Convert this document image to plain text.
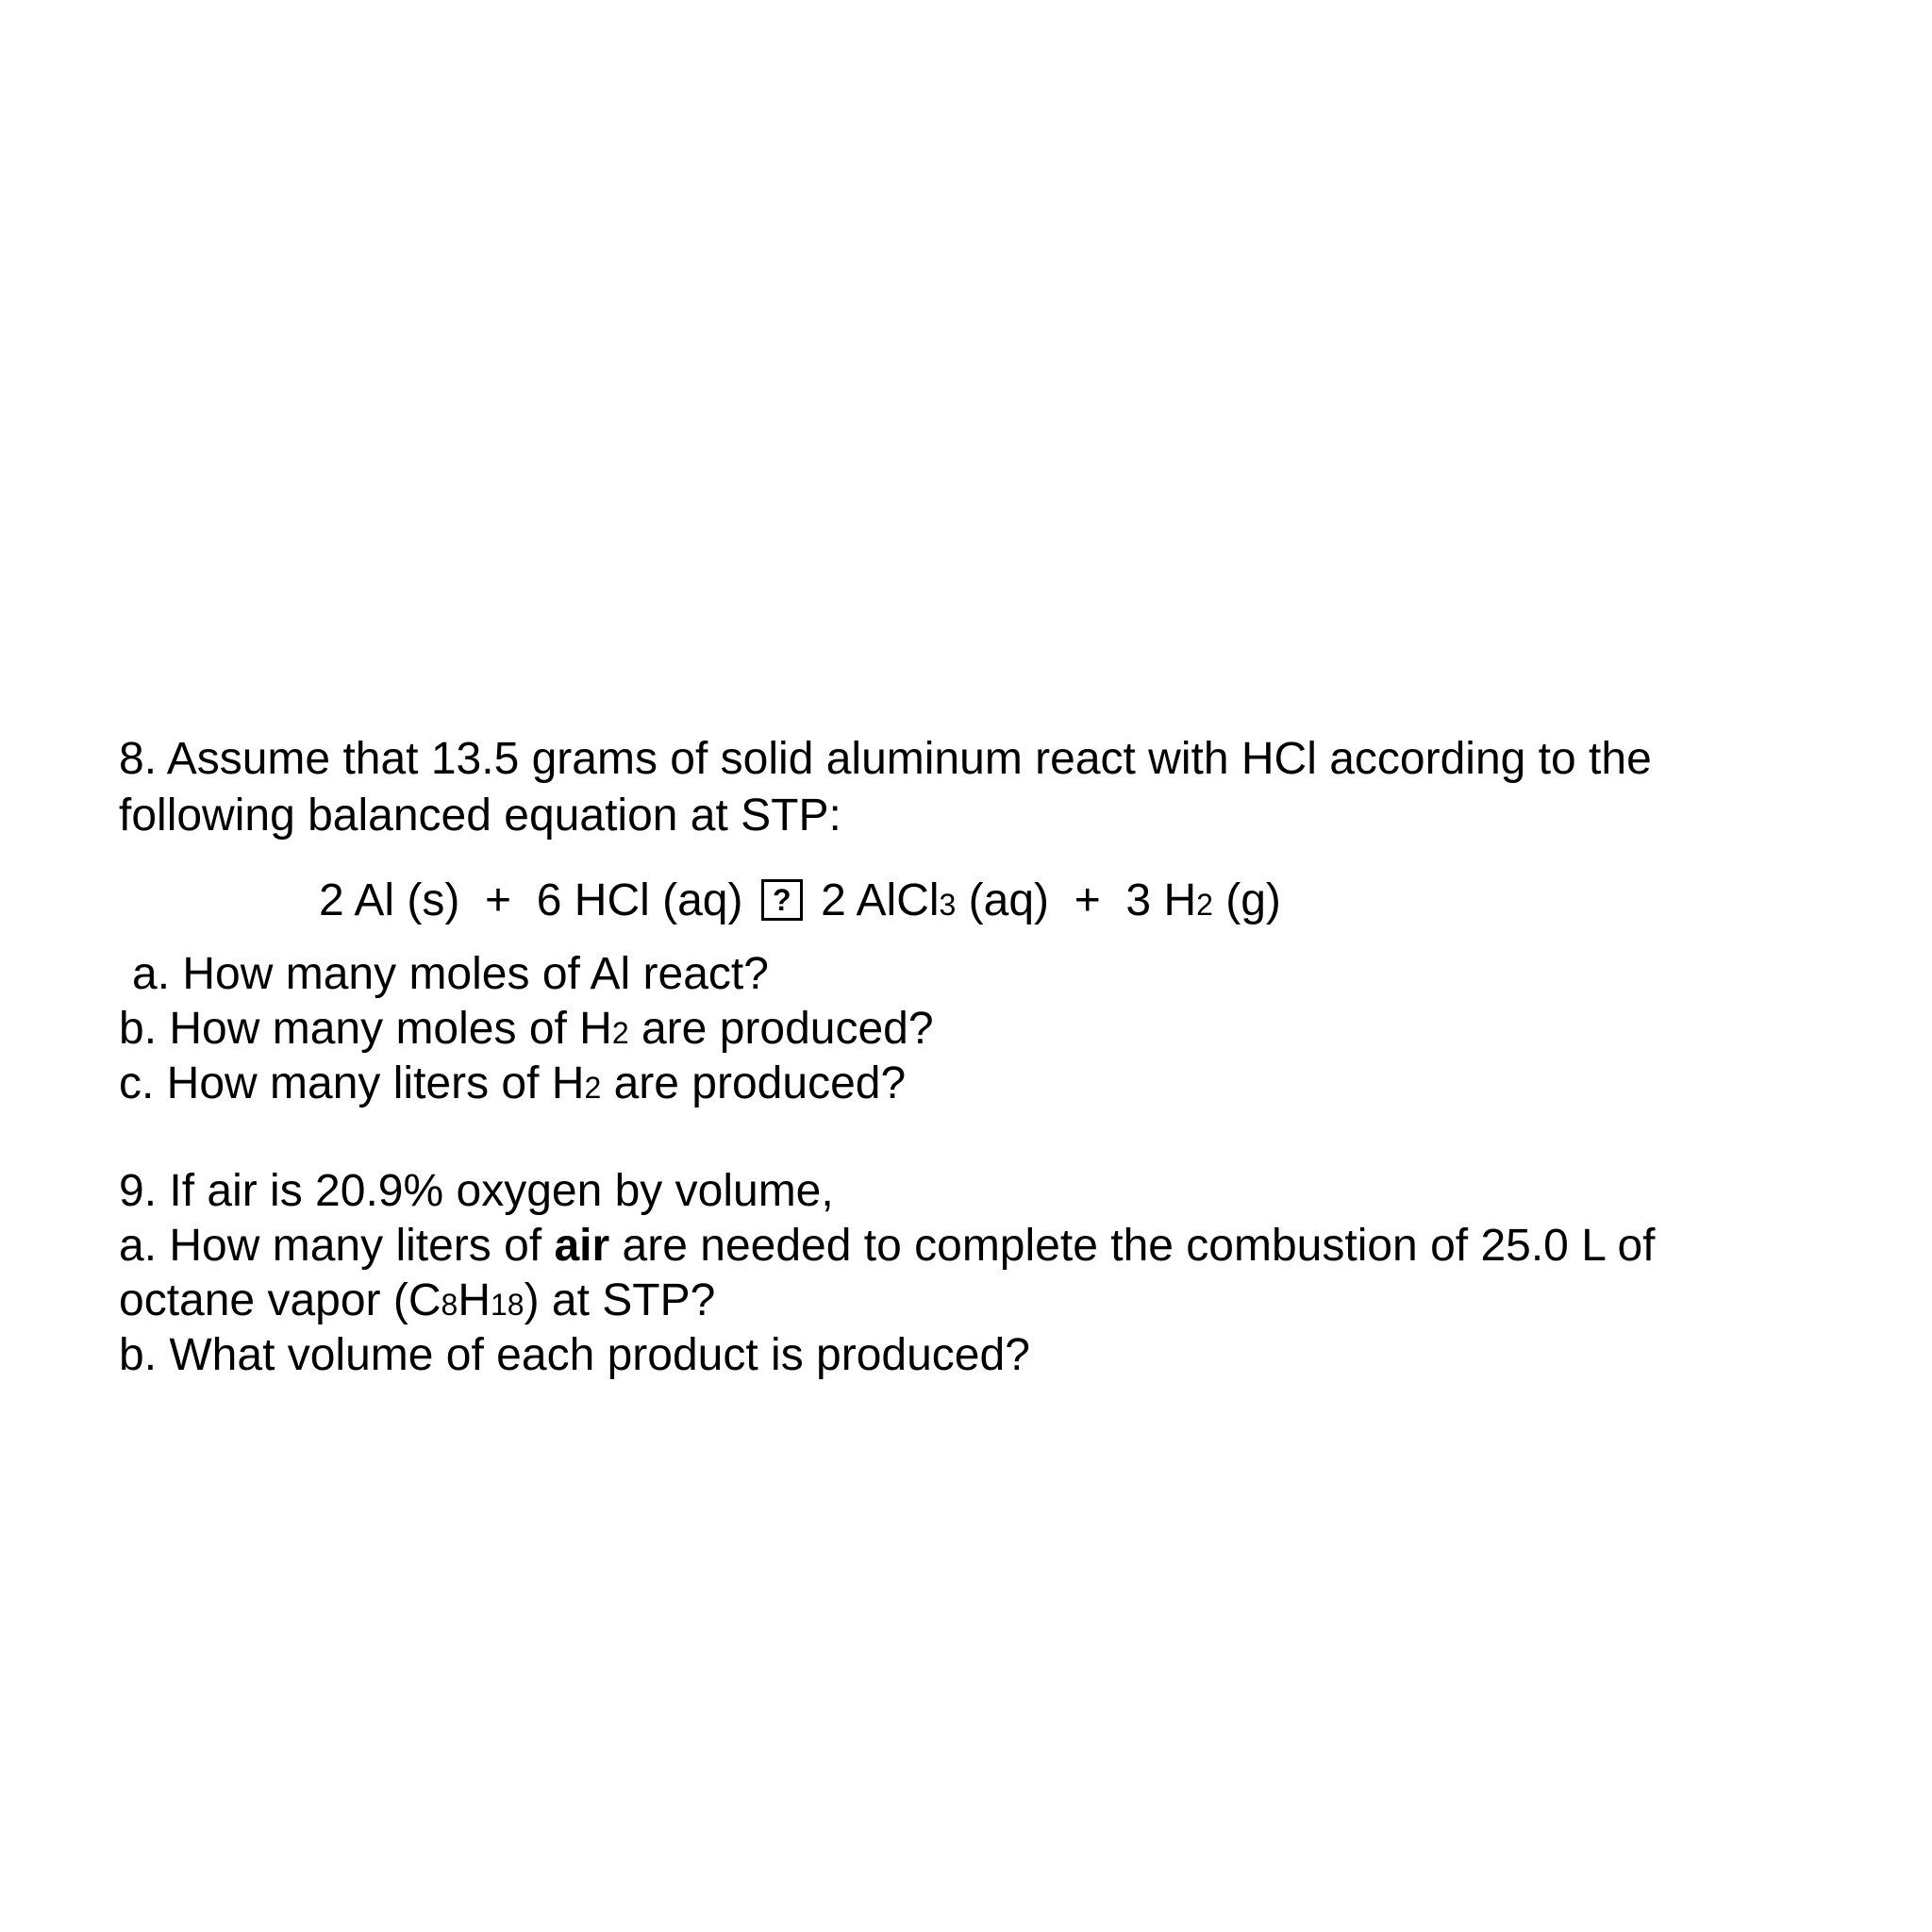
8. Assume that 13.5 grams of solid aluminum react with HCl according to the
following balanced equation at STP:
2 Al (s)  +  6 HCl (aq) ? 2 AlCl3 (aq)  +  3 H2 (g)
a. How many moles of Al react?
b. How many moles of H2 are produced?
c. How many liters of H2 are produced?
9. If air is 20.9% oxygen by volume,
a. How many liters of air are needed to complete the combustion of 25.0 L of
octane vapor (C8H18) at STP?
b. What volume of each product is produced?
